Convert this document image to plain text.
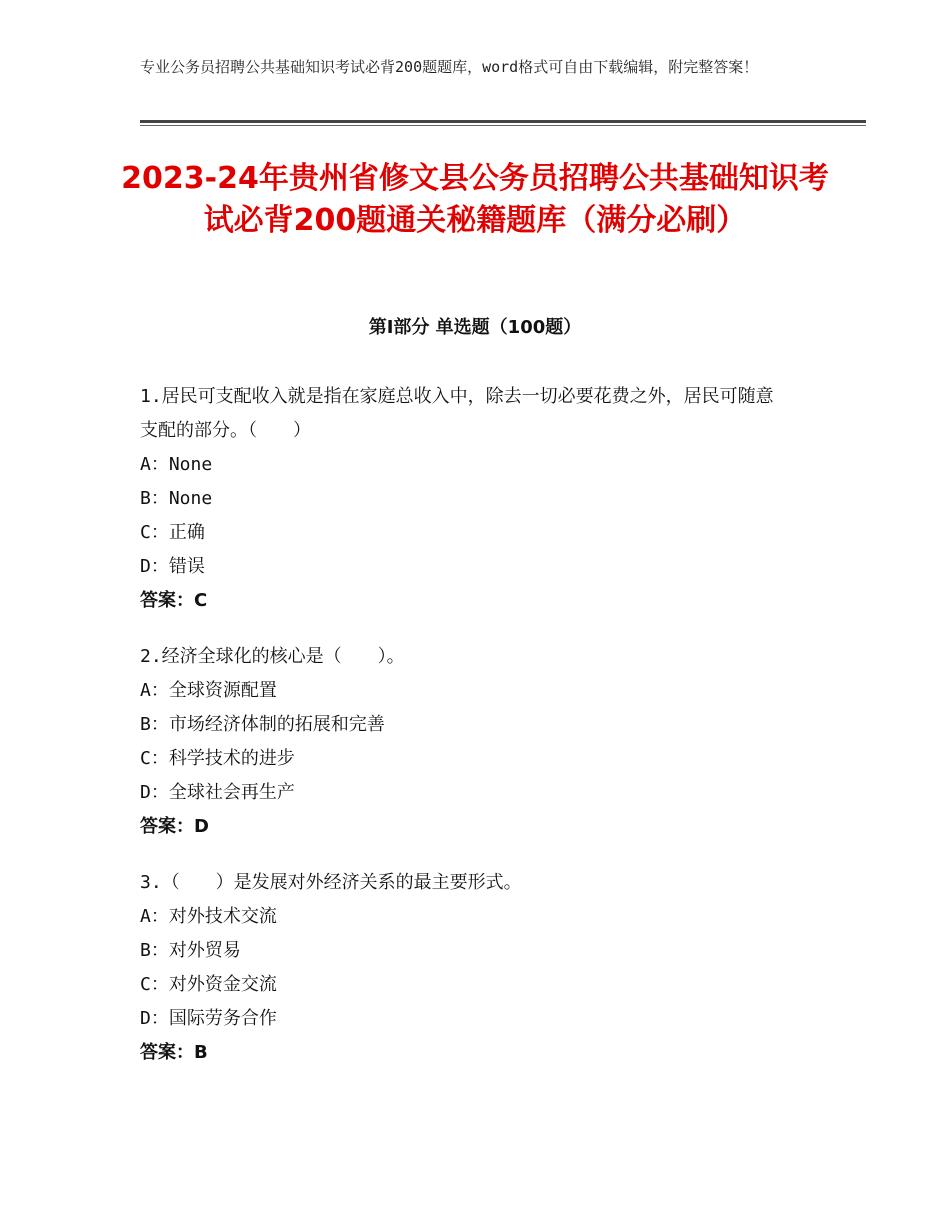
专业公务员招聘公共基础知识考试必背200题题库，word格式可自由下载编辑，附完整答案！
2023-24年贵州省修文县公务员招聘公共基础知识考试必背200题通关秘籍题库（满分必刷）
第Ⅰ部分 单选题（100题）
1.居民可支配收入就是指在家庭总收入中，除去一切必要花费之外，居民可随意支配的部分。（　　）
A：None
B：None
C：正确
D：错误
答案：C
2.经济全球化的核心是（　　）。
A：全球资源配置
B：市场经济体制的拓展和完善
C：科学技术的进步
D：全球社会再生产
答案：D
3.（　　）是发展对外经济关系的最主要形式。
A：对外技术交流
B：对外贸易
C：对外资金交流
D：国际劳务合作
答案：B
